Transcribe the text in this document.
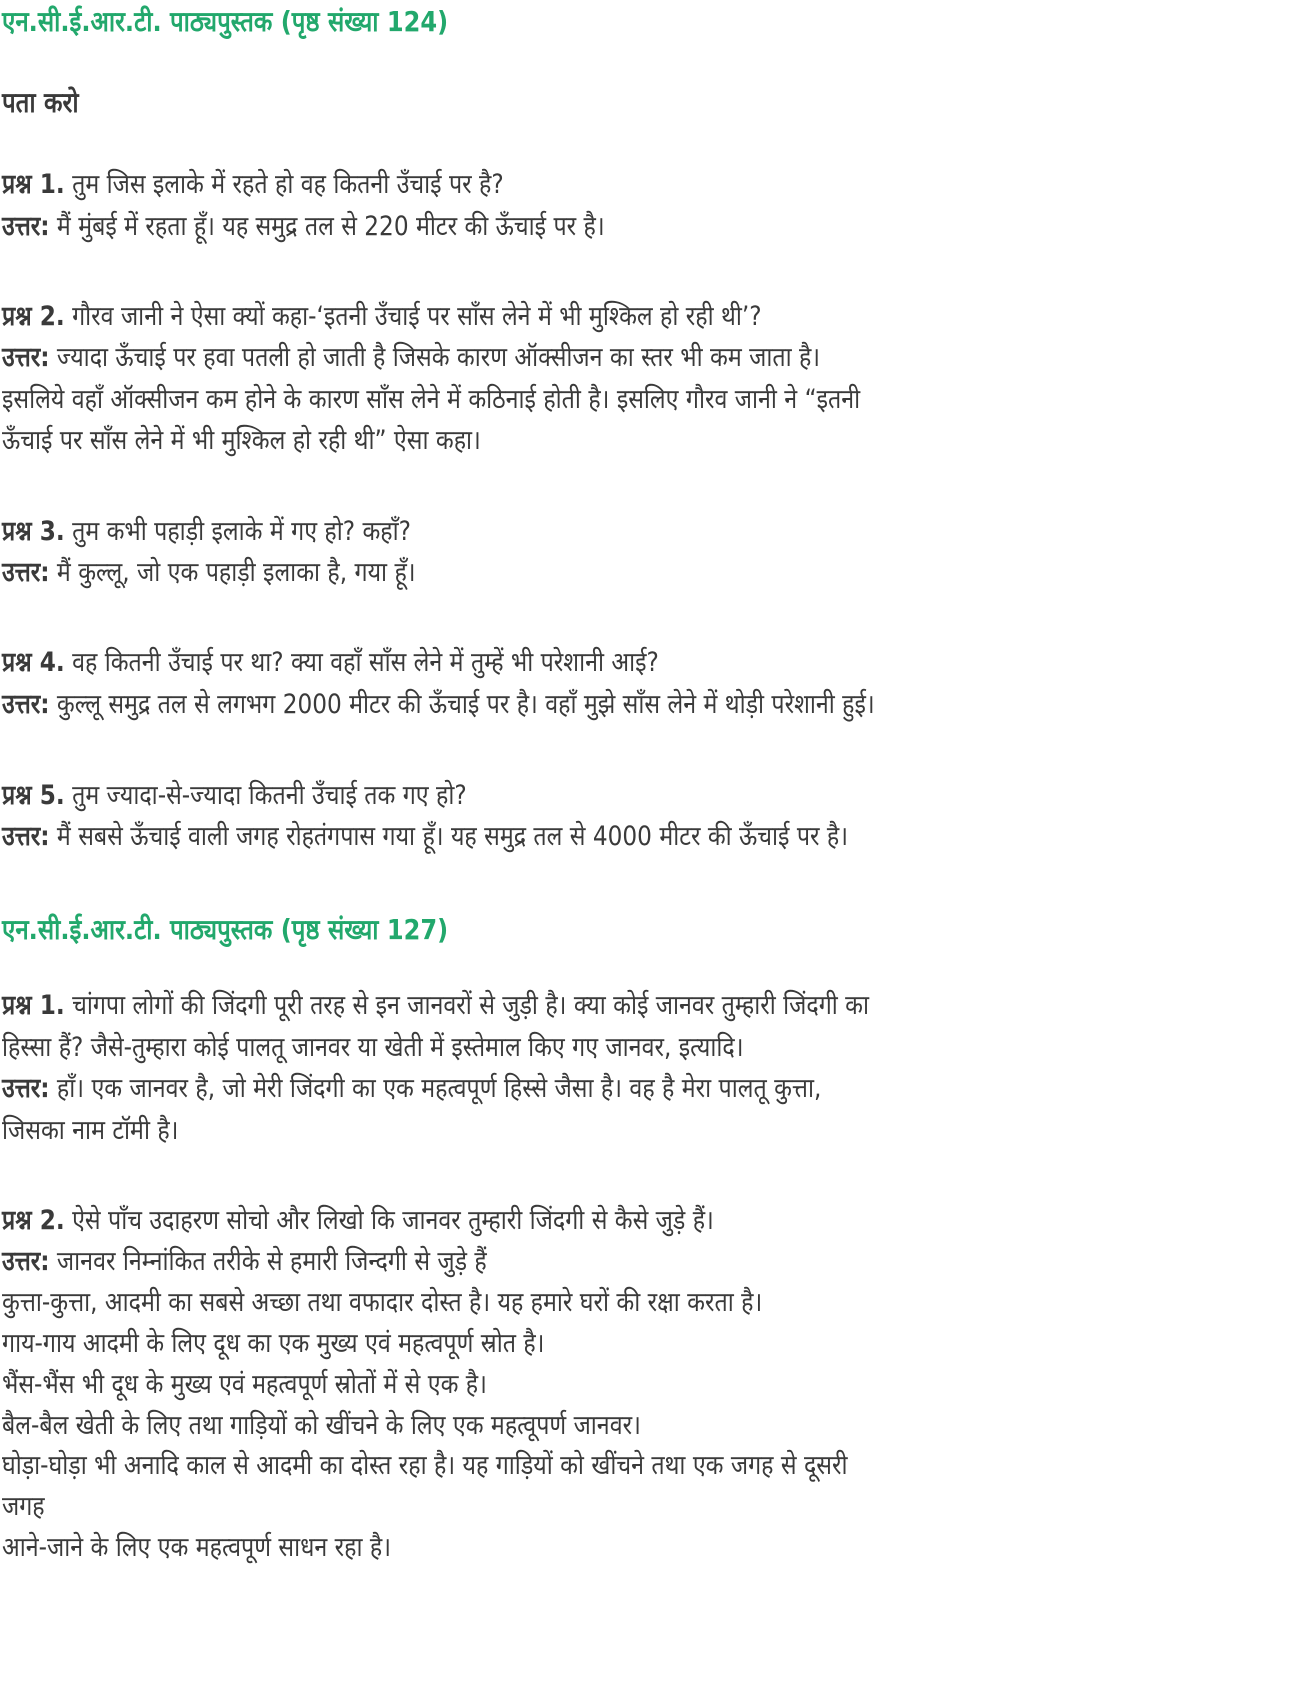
एन.सी.ई.आर.टी. पाठ्यपुस्तक (पृष्ठ संख्या 124)
पता करो
प्रश्न 1. तुम जिस इलाके में रहते हो वह कितनी उँचाई पर है?
उत्तर: मैं मुंबई में रहता हूँ। यह समुद्र तल से 220 मीटर की ऊँचाई पर है।
प्रश्न 2. गौरव जानी ने ऐसा क्यों कहा-‘इतनी उँचाई पर साँस लेने में भी मुश्किल हो रही थी’?
उत्तर: ज्यादा ऊँचाई पर हवा पतली हो जाती है जिसके कारण ऑक्सीजन का स्तर भी कम जाता है।
इसलिये वहाँ ऑक्सीजन कम होने के कारण साँस लेने में कठिनाई होती है। इसलिए गौरव जानी ने “इतनी
ऊँचाई पर साँस लेने में भी मुश्किल हो रही थी” ऐसा कहा।
प्रश्न 3. तुम कभी पहाड़ी इलाके में गए हो? कहाँ?
उत्तर: मैं कुल्लू, जो एक पहाड़ी इलाका है, गया हूँ।
प्रश्न 4. वह कितनी उँचाई पर था? क्या वहाँ साँस लेने में तुम्हें भी परेशानी आई?
उत्तर: कुल्लू समुद्र तल से लगभग 2000 मीटर की ऊँचाई पर है। वहाँ मुझे साँस लेने में थोड़ी परेशानी हुई।
प्रश्न 5. तुम ज्यादा-से-ज्यादा कितनी उँचाई तक गए हो?
उत्तर: मैं सबसे ऊँचाई वाली जगह रोहतंगपास गया हूँ। यह समुद्र तल से 4000 मीटर की ऊँचाई पर है।
एन.सी.ई.आर.टी. पाठ्यपुस्तक (पृष्ठ संख्या 127)
प्रश्न 1. चांगपा लोगों की जिंदगी पूरी तरह से इन जानवरों से जुड़ी है। क्या कोई जानवर तुम्हारी जिंदगी का
हिस्सा हैं? जैसे-तुम्हारा कोई पालतू जानवर या खेती में इस्तेमाल किए गए जानवर, इत्यादि।
उत्तर: हाँ। एक जानवर है, जो मेरी जिंदगी का एक महत्वपूर्ण हिस्से जैसा है। वह है मेरा पालतू कुत्ता,
जिसका नाम टॉमी है।
प्रश्न 2. ऐसे पाँच उदाहरण सोचो और लिखो कि जानवर तुम्हारी जिंदगी से कैसे जुड़े हैं।
उत्तर: जानवर निम्नांकित तरीके से हमारी जिन्दगी से जुड़े हैं
कुत्ता-कुत्ता, आदमी का सबसे अच्छा तथा वफादार दोस्त है। यह हमारे घरों की रक्षा करता है।
गाय-गाय आदमी के लिए दूध का एक मुख्य एवं महत्वपूर्ण स्रोत है।
भैंस-भैंस भी दूध के मुख्य एवं महत्वपूर्ण स्रोतों में से एक है।
बैल-बैल खेती के लिए तथा गाड़ियों को खींचने के लिए एक महत्वूपर्ण जानवर।
घोड़ा-घोड़ा भी अनादि काल से आदमी का दोस्त रहा है। यह गाड़ियों को खींचने तथा एक जगह से दूसरी
जगह
आने-जाने के लिए एक महत्वपूर्ण साधन रहा है।
